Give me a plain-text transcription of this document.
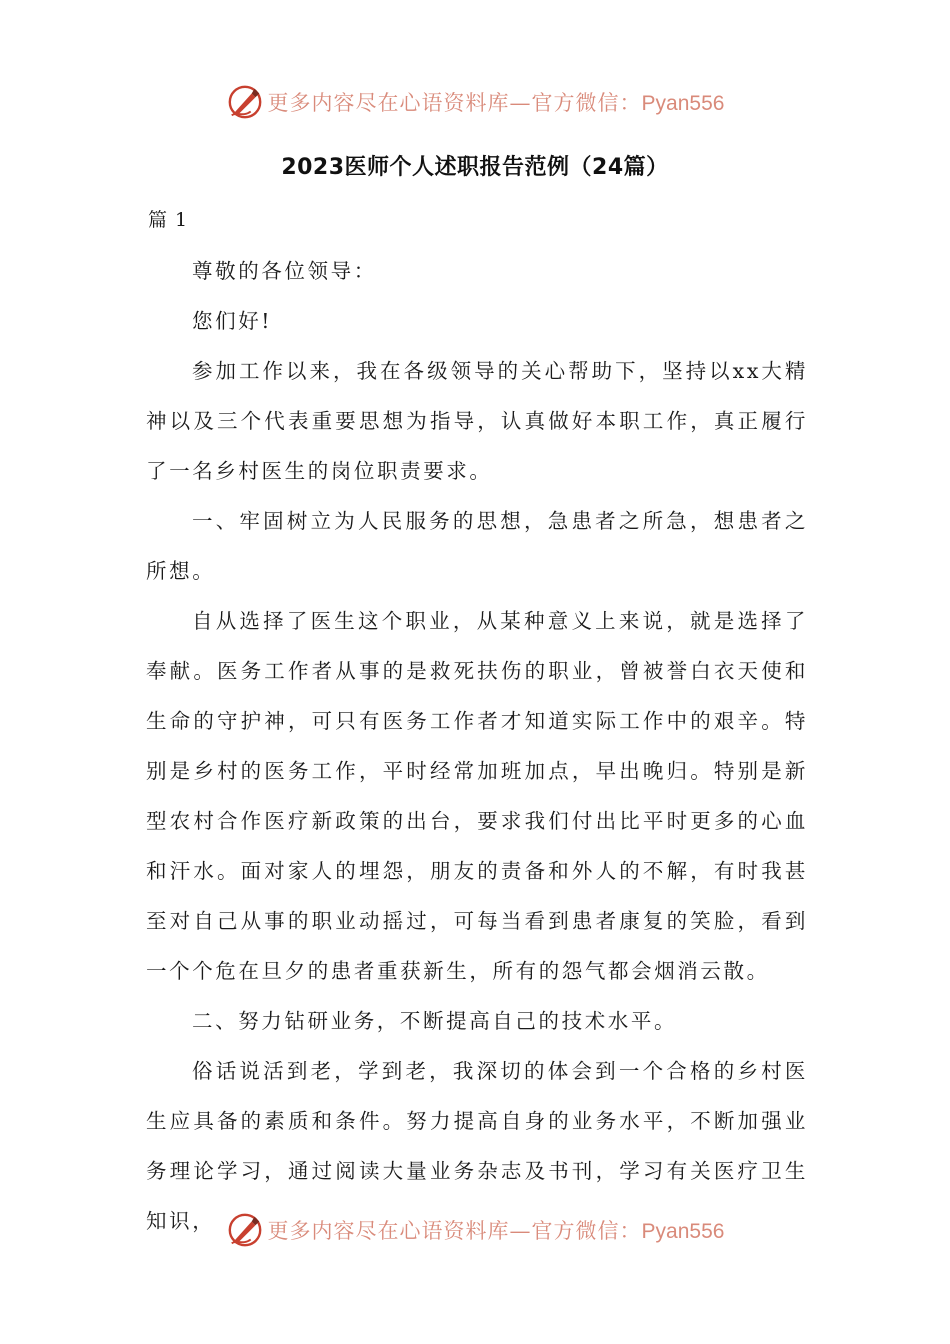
更多内容尽在心语资料库—官方微信：Pyan556
2023医师个人述职报告范例（24篇）
篇 1

尊敬的各位领导：

您们好!

参加工作以来，我在各级领导的关心帮助下，坚持以xx大精神以及三个代表重要思想为指导，认真做好本职工作，真正履行了一名乡村医生的岗位职责要求。

一、牢固树立为人民服务的思想，急患者之所急，想患者之所想。

自从选择了医生这个职业，从某种意义上来说，就是选择了奉献。医务工作者从事的是救死扶伤的职业，曾被誉白衣天使和生命的守护神，可只有医务工作者才知道实际工作中的艰辛。特别是乡村的医务工作，平时经常加班加点，早出晚归。特别是新型农村合作医疗新政策的出台，要求我们付出比平时更多的心血和汗水。面对家人的埋怨，朋友的责备和外人的不解，有时我甚至对自己从事的职业动摇过，可每当看到患者康复的笑脸，看到一个个危在旦夕的患者重获新生，所有的怨气都会烟消云散。

二、努力钻研业务，不断提高自己的技术水平。

俗话说活到老，学到老，我深切的体会到一个合格的乡村医生应具备的素质和条件。努力提高自身的业务水平，不断加强业务理论学习，通过阅读大量业务杂志及书刊，学习有关医疗卫生知识，	更多内容尽在心语资料库—官方微信：Pyan556
